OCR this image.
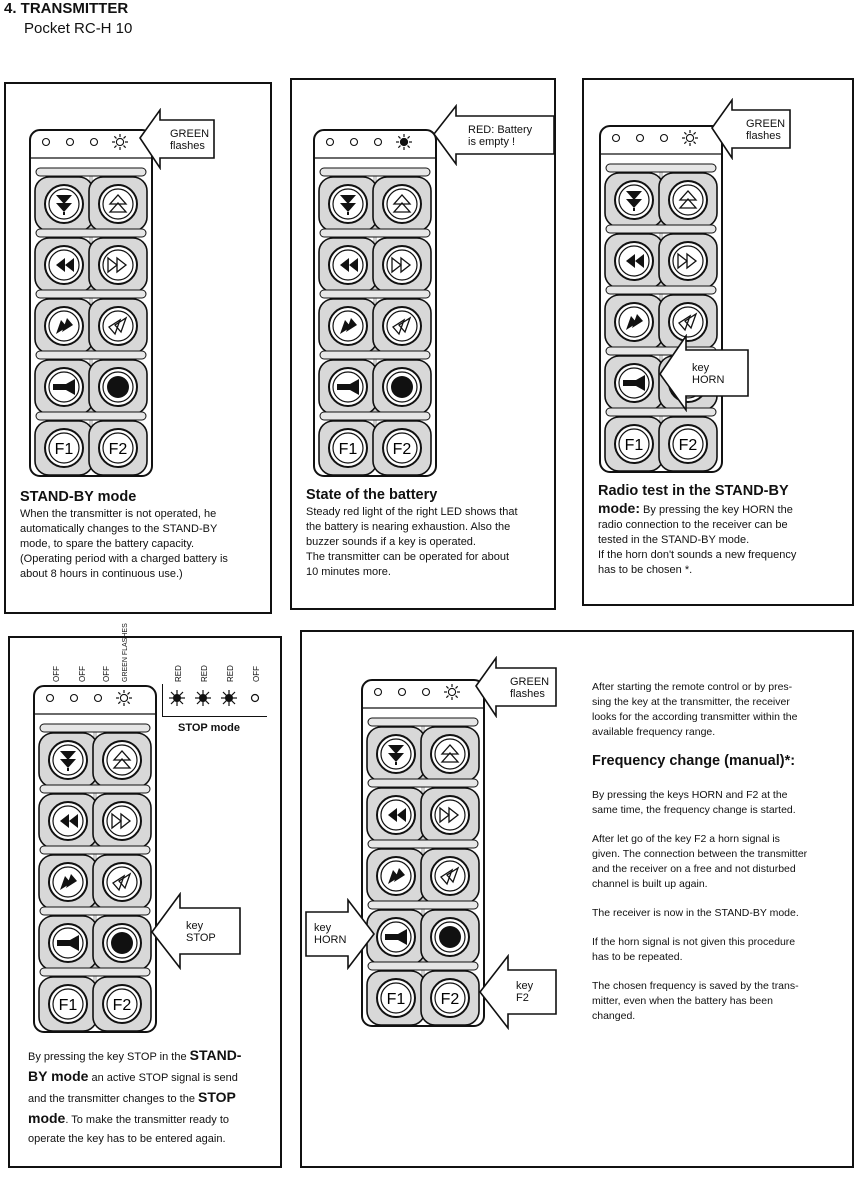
4. TRANSMITTER
Pocket RC-H 10
F1 F2
GREEN
flashes
STAND-BY mode
When the transmitter is not operated, he
automatically changes to the STAND-BY
mode, to spare the battery capacity.
(Operating period with a charged battery is
about 8 hours in continuous use.)
F1 F2
RED: Battery
is empty !
State of the battery
Steady red light of the right LED shows that
the battery is nearing exhaustion. Also the
buzzer sounds if a key is operated.
The transmitter can be operated for about
10 minutes more.
F1 F2
GREEN
flashes
key
HORN
Radio test in the STAND-BY
mode: By pressing the key HORN the
radio connection to the receiver can be
tested in the STAND-BY mode.
If the horn don't sounds a new frequency
has to be chosen *.
OFF OFF OFF GREEN FLASHES	RED RED RED OFF
STOP mode
F1 F2
key
STOP
By pressing the key STOP in the STAND-
BY mode an active STOP signal is send
and the transmitter changes to the STOP
mode. To make the transmitter ready to
operate the key has to be entered again.
F1 F2
GREEN
flashes
key
HORN
key
F2

After starting the remote control or by pres-
sing the key at the transmitter, the receiver
looks for the according transmitter within the
available frequency range.

Frequency change (manual)*:

By pressing the keys HORN and F2 at the
same time, the frequency change is started.

After let go of the key F2 a horn signal is
given. The connection between the transmitter
and the receiver on a free and not disturbed
channel is built up again.

The receiver is now in the STAND-BY mode.

If the horn signal is not given this procedure
has to be repeated.

The chosen frequency is saved by the trans-
mitter, even when the battery has been
changed.
